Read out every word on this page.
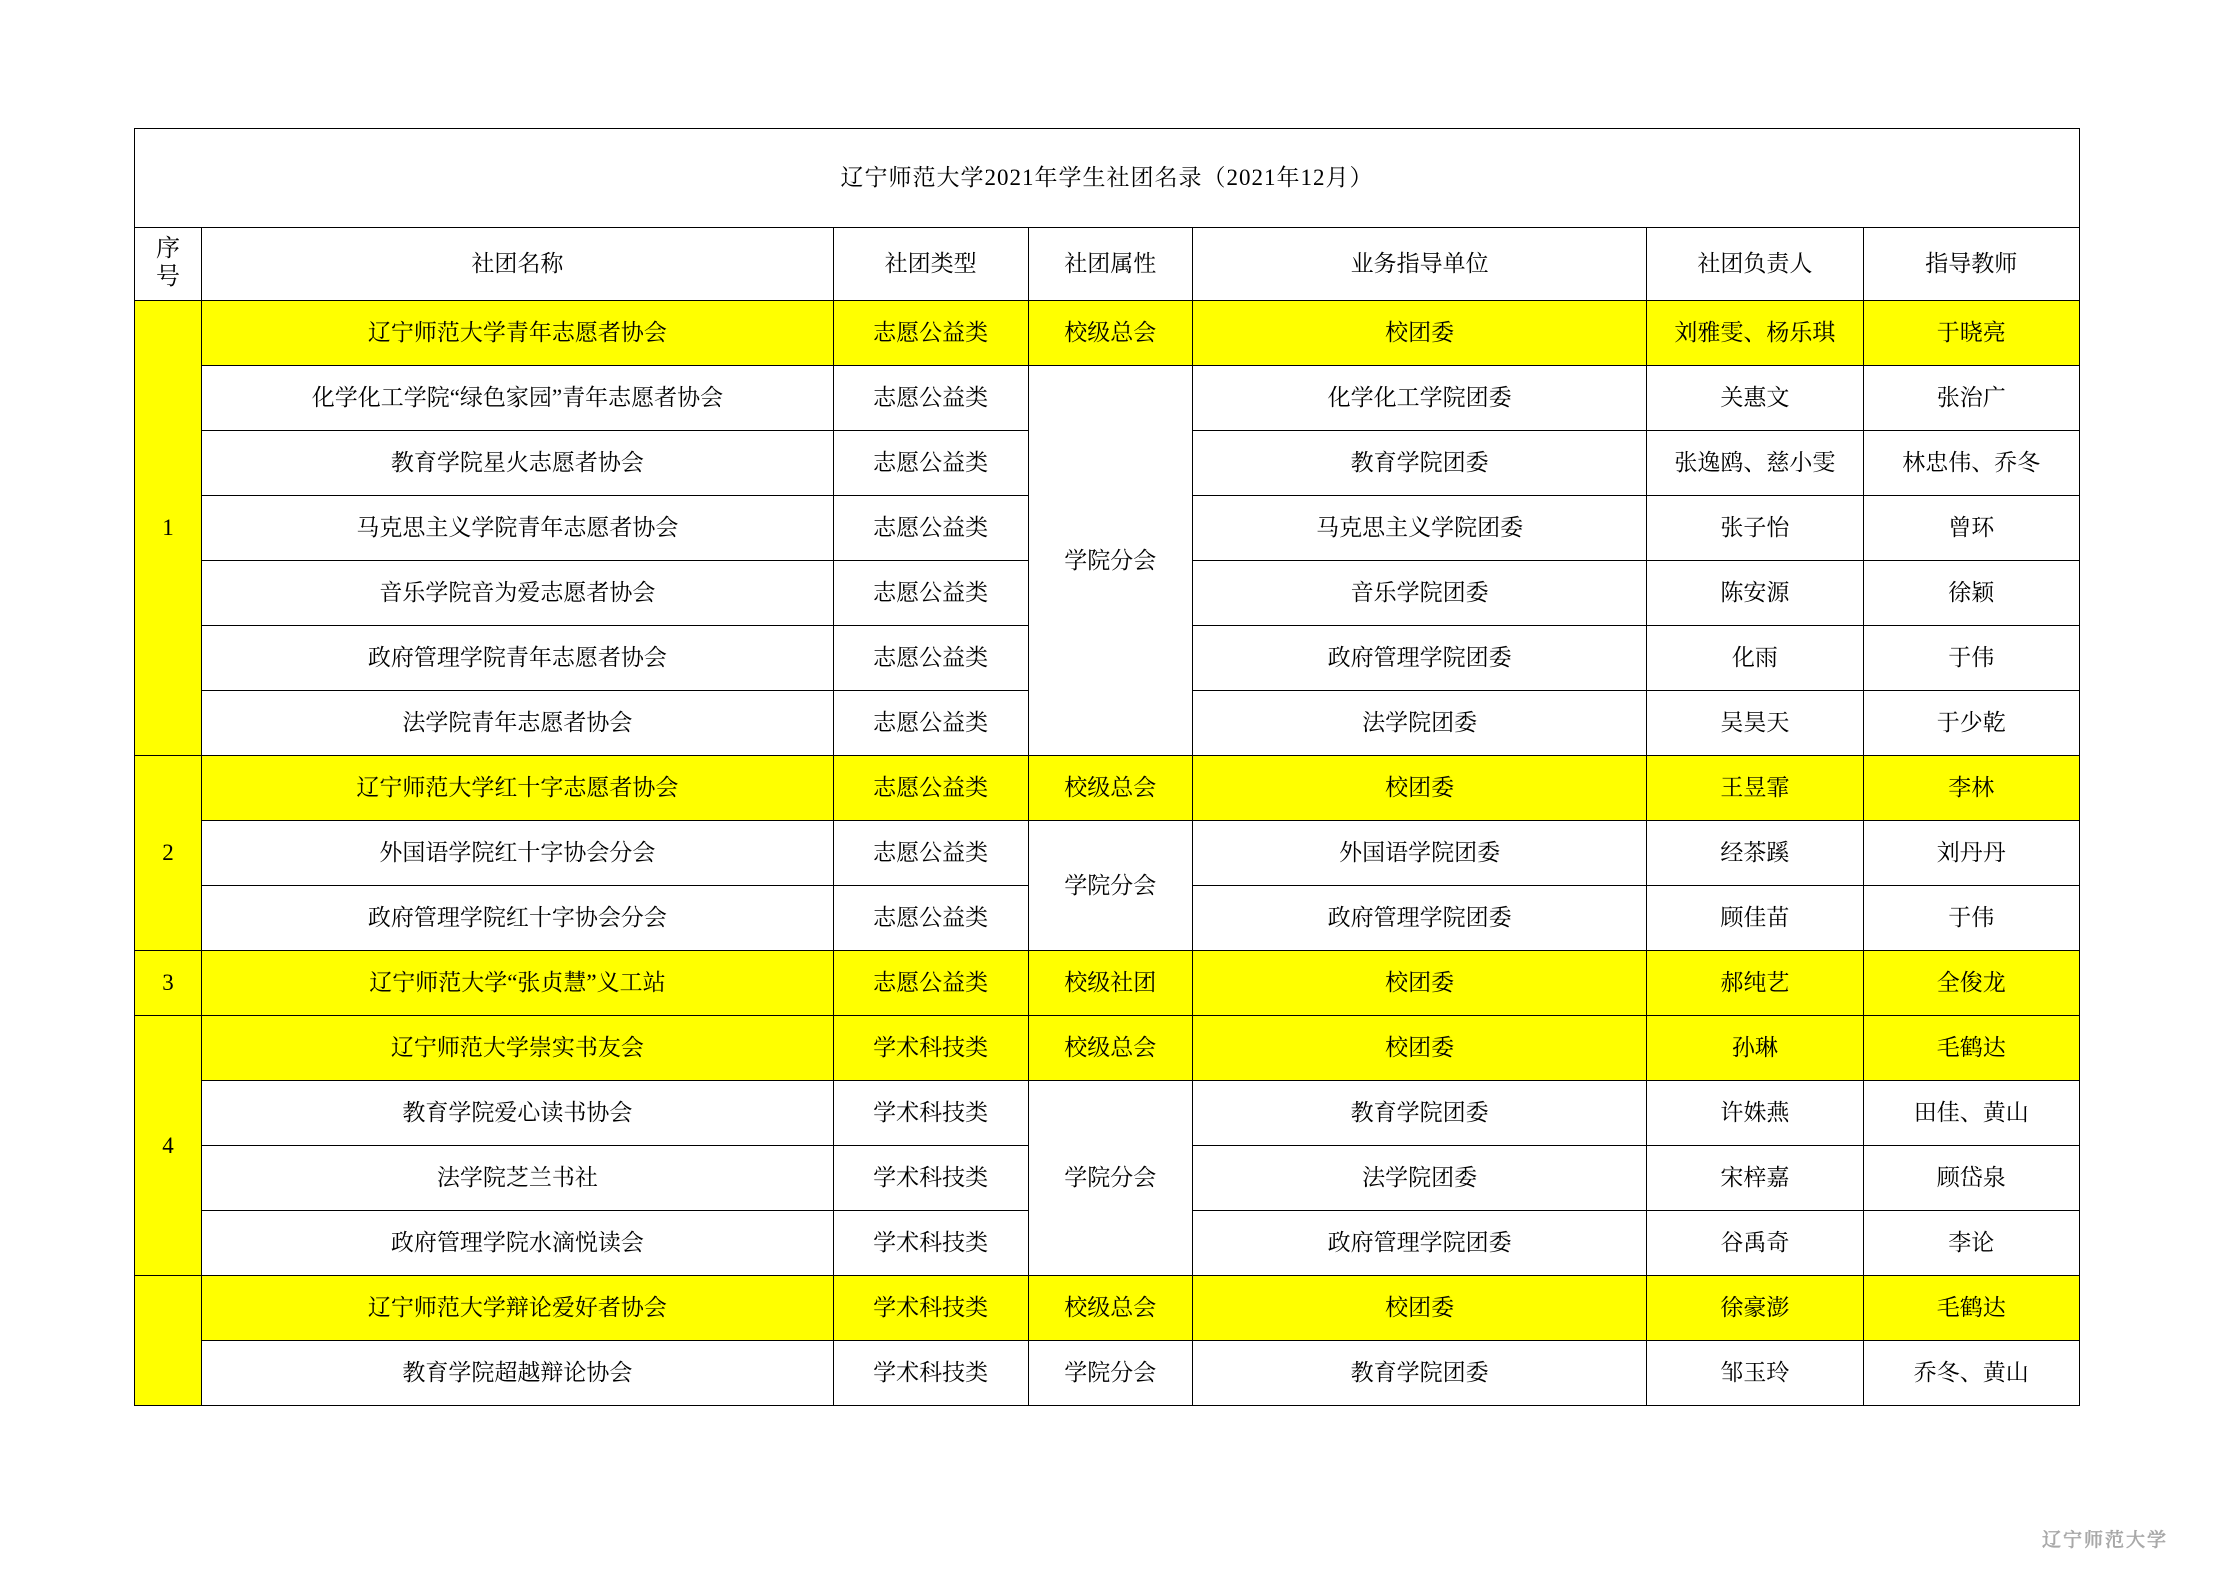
辽宁师范大学2021年学生社团名录（2021年12月）						

序
号	社团名称	社团类型	社团属性	业务指导单位	社团负责人	指导教师
1	辽宁师范大学青年志愿者协会	志愿公益类	校级总会	校团委	刘雅雯、杨乐琪	于晓亮
	化学化工学院“绿色家园”青年志愿者协会	志愿公益类	学院分会	化学化工学院团委	关惠文	张治广
	教育学院星火志愿者协会	志愿公益类		教育学院团委	张逸鸥、慈小雯	林忠伟、乔冬
	马克思主义学院青年志愿者协会	志愿公益类		马克思主义学院团委	张子怡	曾环
	音乐学院音为爱志愿者协会	志愿公益类		音乐学院团委	陈安源	徐颖
	政府管理学院青年志愿者协会	志愿公益类		政府管理学院团委	化雨	于伟
	法学院青年志愿者协会	志愿公益类		法学院团委	吴昊天	于少乾
2	辽宁师范大学红十字志愿者协会	志愿公益类	校级总会	校团委	王昱霏	李林
	外国语学院红十字协会分会	志愿公益类	学院分会	外国语学院团委	经茶蹊	刘丹丹
	政府管理学院红十字协会分会	志愿公益类		政府管理学院团委	顾佳苗	于伟
3	辽宁师范大学“张贞慧”义工站	志愿公益类	校级社团	校团委	郝纯艺	全俊龙
4	辽宁师范大学崇实书友会	学术科技类	校级总会	校团委	孙琳	毛鹤达
	教育学院爱心读书协会	学术科技类	学院分会	教育学院团委	许姝燕	田佳、黄山
	法学院芝兰书社	学术科技类		法学院团委	宋梓嘉	顾岱泉
	政府管理学院水滴悦读会	学术科技类		政府管理学院团委	谷禹奇	李论
	辽宁师范大学辩论爱好者协会	学术科技类	校级总会	校团委	徐豪澎	毛鹤达
	教育学院超越辩论协会	学术科技类	学院分会	教育学院团委	邹玉玲	乔冬、黄山
辽宁师范大学
